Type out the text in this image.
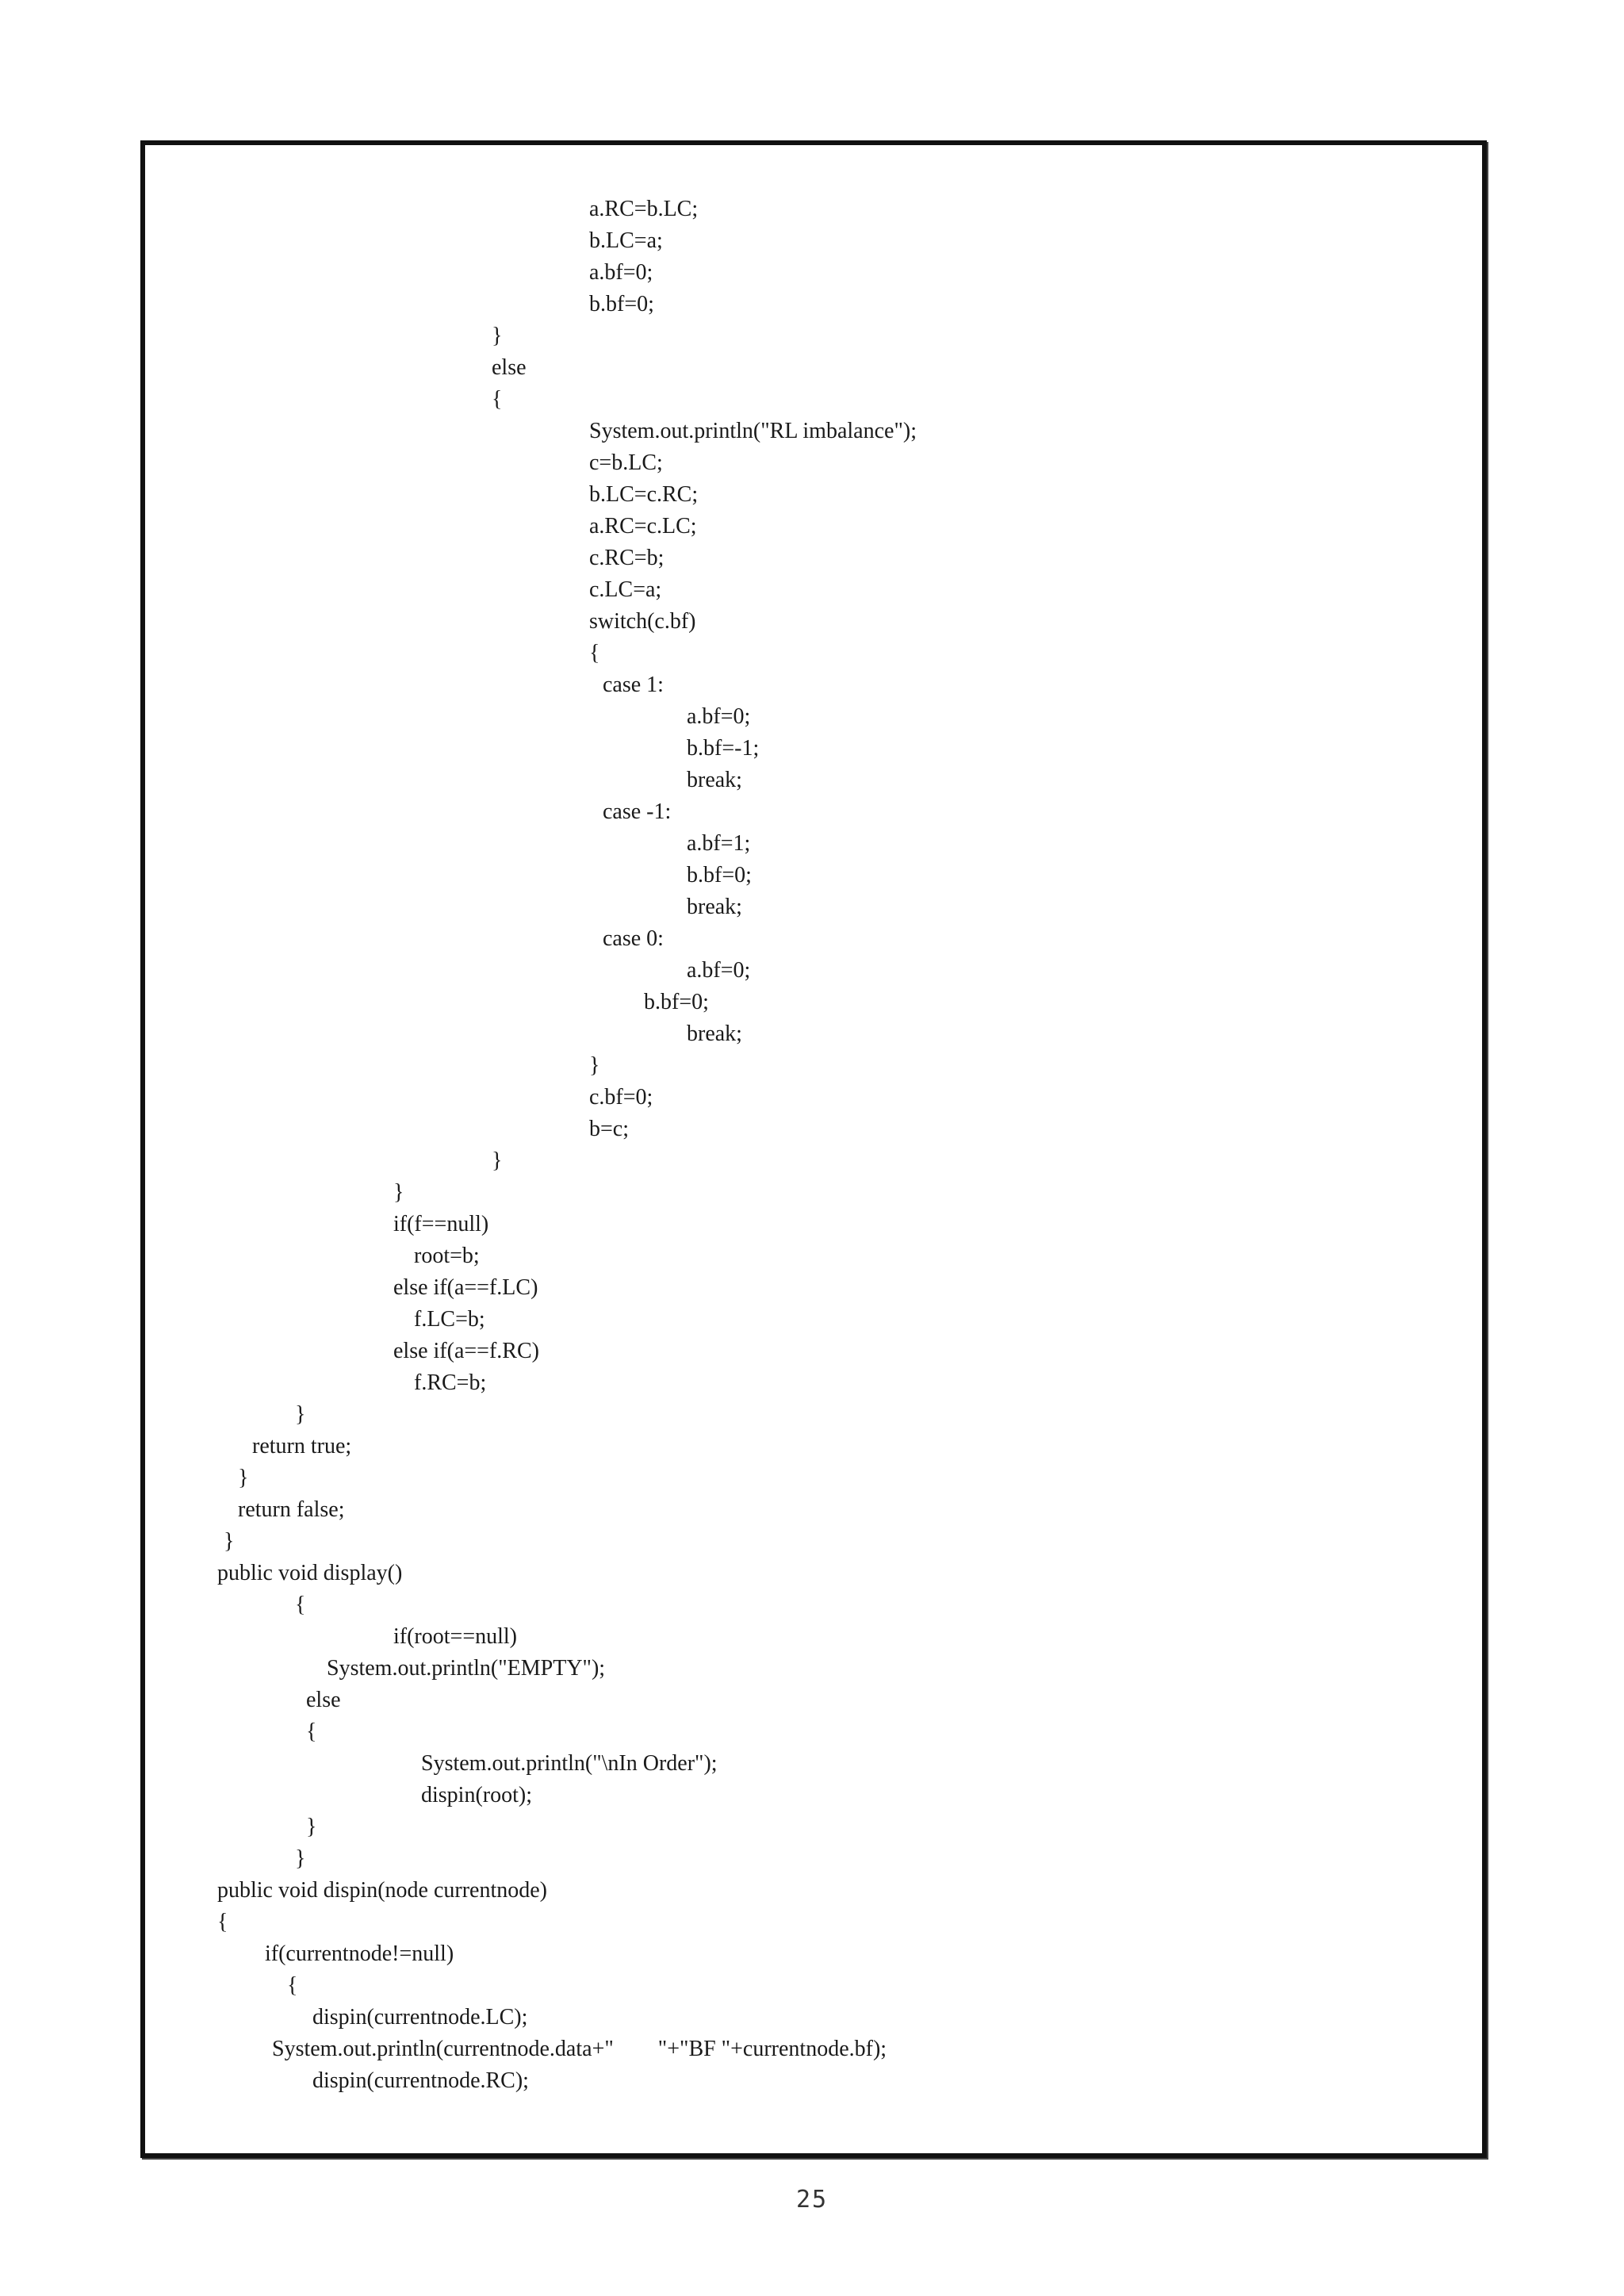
a.RC=b.LC;
b.LC=a;
a.bf=0;
b.bf=0;
}
else
{
System.out.println("RL imbalance");
c=b.LC;
b.LC=c.RC;
a.RC=c.LC;
c.RC=b;
c.LC=a;
switch(c.bf)
{
case 1:
a.bf=0;
b.bf=-1;
break;
case -1:
a.bf=1;
b.bf=0;
break;
case 0:
a.bf=0;
b.bf=0;
break;
}
c.bf=0;
b=c;
}
}
if(f==null)
root=b;
else if(a==f.LC)
f.LC=b;
else if(a==f.RC)
f.RC=b;
}
return true;
}
return false;
}
public void display()
{
if(root==null)
System.out.println("EMPTY");
else
{
System.out.println("\nIn Order");
dispin(root);
}
}
public void dispin(node currentnode)
{
if(currentnode!=null)
{
dispin(currentnode.LC);
System.out.println(currentnode.data+"        "+"BF "+currentnode.bf);
dispin(currentnode.RC);
25
